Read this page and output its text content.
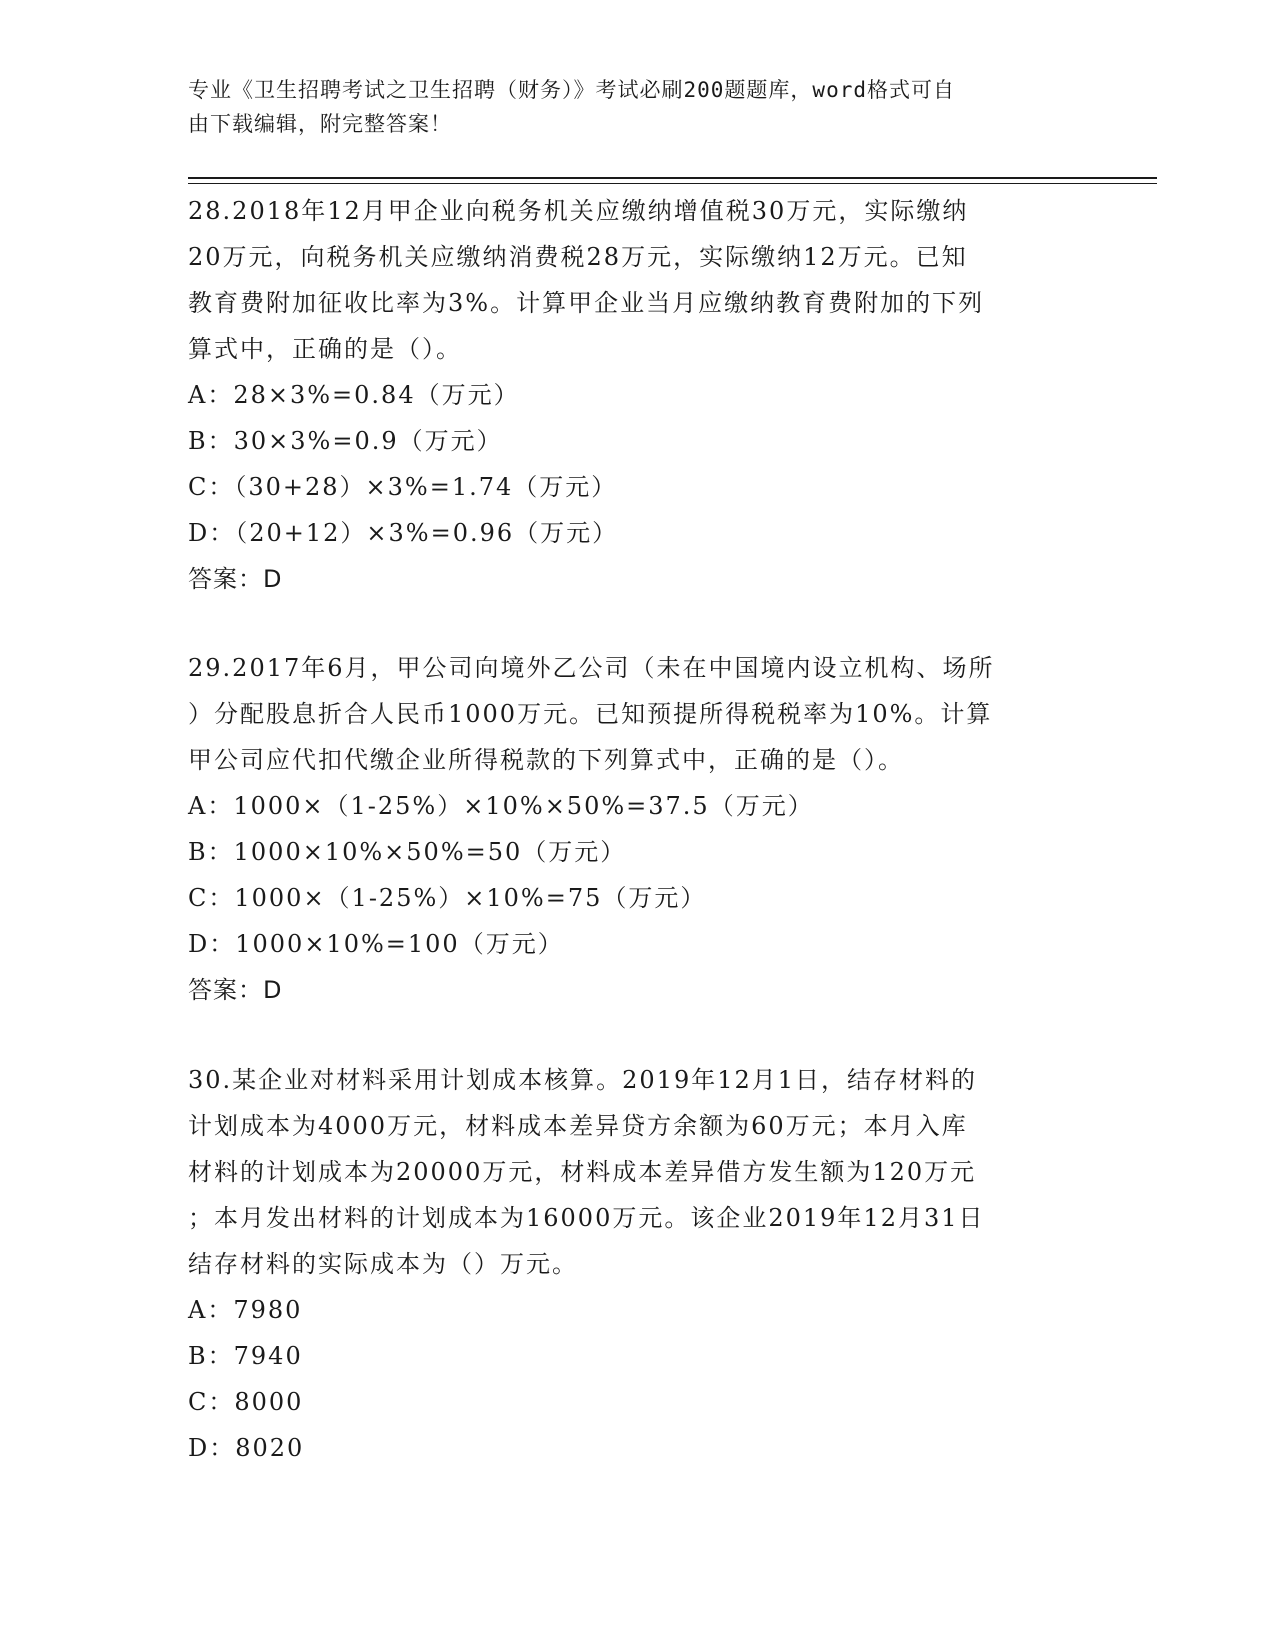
专业《卫生招聘考试之卫生招聘（财务）》考试必刷200题题库，word格式可自
由下载编辑，附完整答案！
28.2018年12月甲企业向税务机关应缴纳增值税30万元，实际缴纳
20万元，向税务机关应缴纳消费税28万元，实际缴纳12万元。已知
教育费附加征收比率为3%。计算甲企业当月应缴纳教育费附加的下列
算式中，正确的是（）。
A：28×3%=0.84（万元）
B：30×3%=0.9（万元）
C：（30+28）×3%=1.74（万元）
D：（20+12）×3%=0.96（万元）
答案：D
29.2017年6月，甲公司向境外乙公司（未在中国境内设立机构、场所
）分配股息折合人民币1000万元。已知预提所得税税率为10%。计算
甲公司应代扣代缴企业所得税款的下列算式中，正确的是（）。
A：1000×（1-25%）×10%×50%=37.5（万元）
B：1000×10%×50%=50（万元）
C：1000×（1-25%）×10%=75（万元）
D：1000×10%=100（万元）
答案：D
30.某企业对材料采用计划成本核算。2019年12月1日，结存材料的
计划成本为4000万元，材料成本差异贷方余额为60万元；本月入库
材料的计划成本为20000万元，材料成本差异借方发生额为120万元
；本月发出材料的计划成本为16000万元。该企业2019年12月31日
结存材料的实际成本为（）万元。
A：7980
B：7940
C：8000
D：8020
